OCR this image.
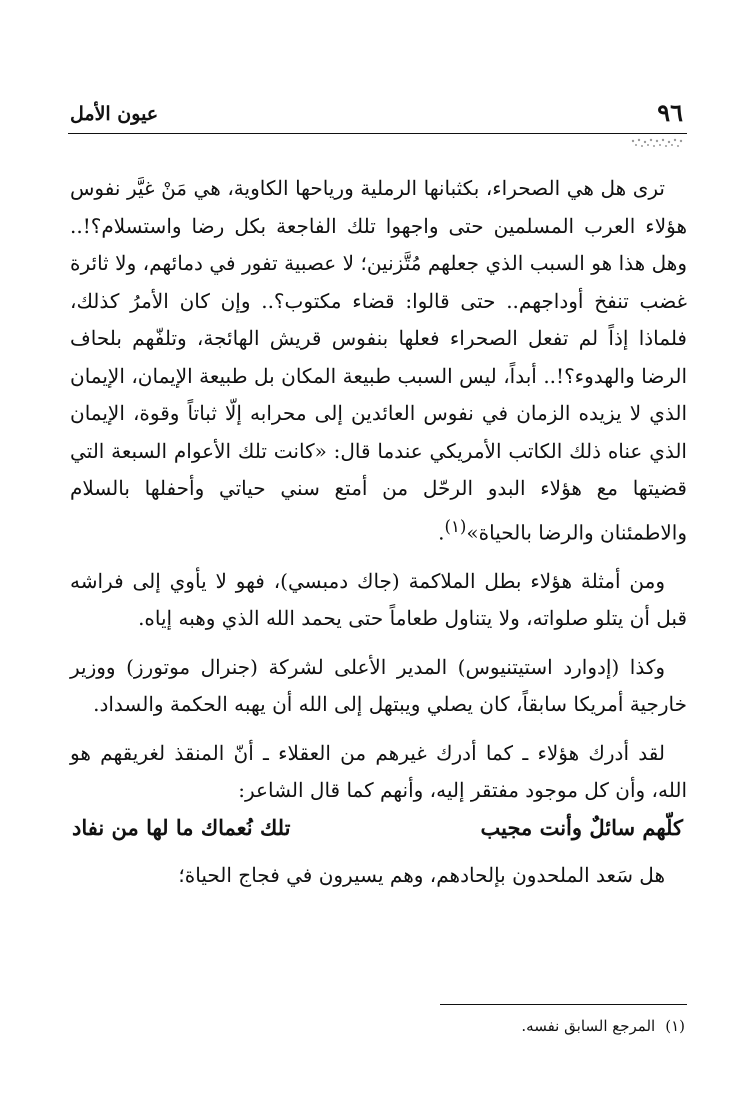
٩٦
عيون الأمل

ترى هل هي الصحراء، بكثبانها الرملية ورياحها الكاوية، هي مَنْ غيَّر نفوس هؤلاء العرب المسلمين حتى واجهوا تلك الفاجعة بكل رضا واستسلام؟!.. وهل هذا هو السبب الذي جعلهم مُتَّزنين؛ لا عصبية تفور في دمائهم، ولا ثائرة غضب تنفخ أوداجهم.. حتى قالوا: قضاء مكتوب؟.. وإن كان الأمرُ كذلك، فلماذا إذاً لم تفعل الصحراء فعلها بنفوس قريش الهائجة، وتلفّهم بلحاف الرضا والهدوء؟!.. أبداً، ليس السبب طبيعة المكان بل طبيعة الإيمان، الإيمان الذي لا يزيده الزمان في نفوس العائدين إلى محرابه إلّا ثباتاً وقوة، الإيمان الذي عناه ذلك الكاتب الأمريكي عندما قال: «كانت تلك الأعوام السبعة التي قضيتها مع هؤلاء البدو الرحّل من أمتع سني حياتي وأحفلها بالسلام والاطمئنان والرضا بالحياة»$^{(١)}$.

ومن أمثلة هؤلاء بطل الملاكمة (جاك دمبسي)، فهو لا يأوي إلى فراشه قبل أن يتلو صلواته، ولا يتناول طعاماً حتى يحمد الله الذي وهبه إياه.

وكذا (إدوارد استيتنيوس) المدير الأعلى لشركة (جنرال موتورز) ووزير خارجية أمريكا سابقاً، كان يصلي ويبتهل إلى الله أن يهبه الحكمة والسداد.

لقد أدرك هؤلاء ـ كما أدرك غيرهم من العقلاء ـ أنّ المنقذ لغريقهم هو الله، وأن كل موجود مفتقر إليه، وأنهم كما قال الشاعر:

كلّهم سائلٌ وأنت مجيب
تلك نُعماك ما لها من نفاد

هل سَعد الملحدون بإلحادهم، وهم يسيرون في فجاج الحياة؛

(١)المرجع السابق نفسه.
